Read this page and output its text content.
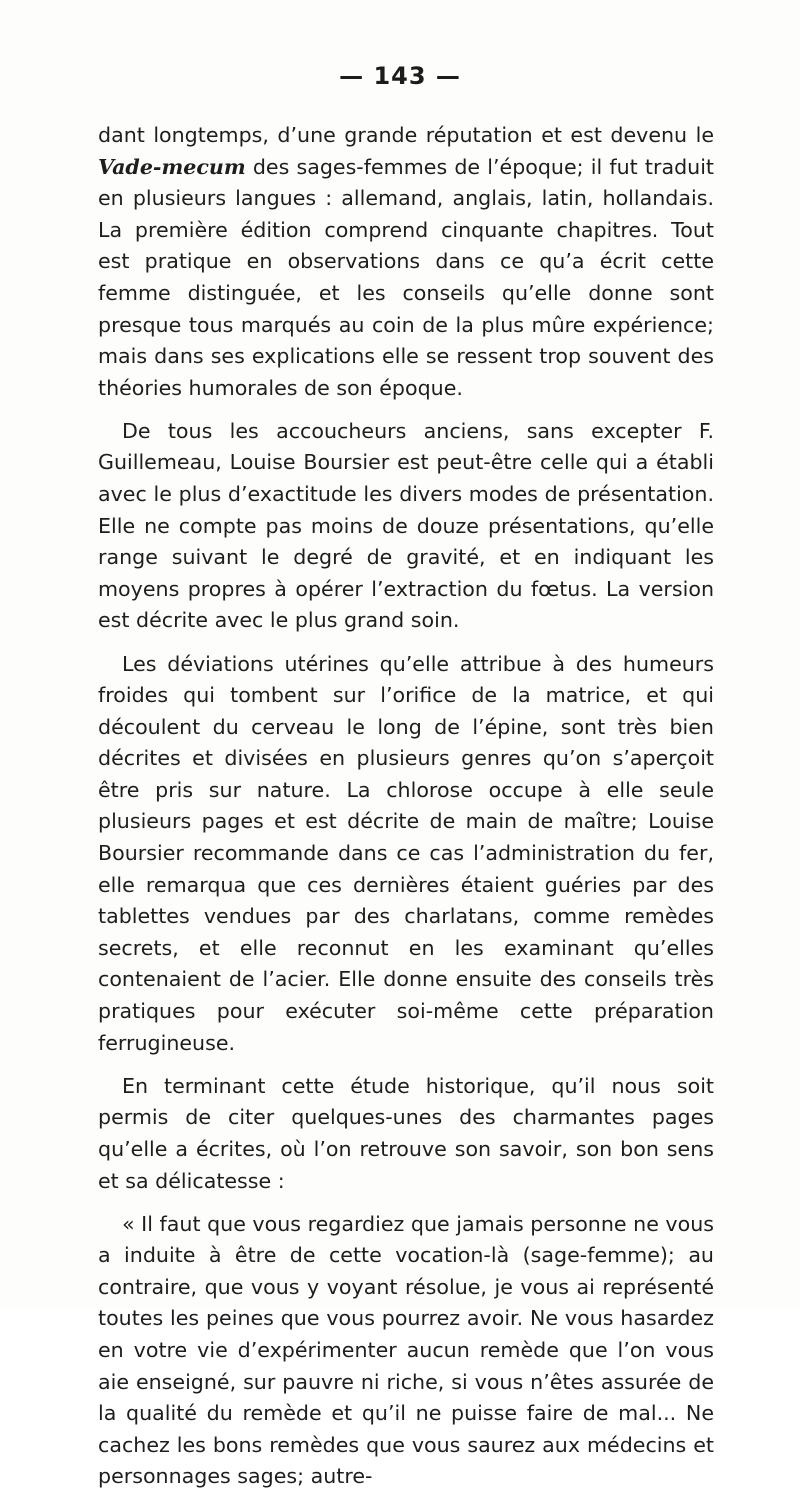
— 143 —

dant longtemps, d’une grande réputation et est devenu le Vade-mecum des sages-femmes de l’époque; il fut traduit en plusieurs langues : allemand, anglais, latin, hollandais. La première édition comprend cinquante chapitres. Tout est pratique en observations dans ce qu’a écrit cette femme distinguée, et les conseils qu’elle donne sont presque tous marqués au coin de la plus mûre expérience; mais dans ses explications elle se ressent trop souvent des théories humorales de son époque.

De tous les accoucheurs anciens, sans excepter F. Guillemeau, Louise Boursier est peut-être celle qui a établi avec le plus d’exactitude les divers modes de présentation. Elle ne compte pas moins de douze présentations, qu’elle range suivant le degré de gravité, et en indiquant les moyens propres à opérer l’extraction du fœtus. La version est décrite avec le plus grand soin.

Les déviations utérines qu’elle attribue à des humeurs froides qui tombent sur l’orifice de la matrice, et qui découlent du cerveau le long de l’épine, sont très bien décrites et divisées en plusieurs genres qu’on s’aperçoit être pris sur nature. La chlorose occupe à elle seule plusieurs pages et est décrite de main de maître; Louise Boursier recommande dans ce cas l’administration du fer, elle remarqua que ces dernières étaient guéries par des tablettes vendues par des charlatans, comme remèdes secrets, et elle reconnut en les examinant qu’elles contenaient de l’acier. Elle donne ensuite des conseils très pratiques pour exécuter soi-même cette préparation ferrugineuse.

En terminant cette étude historique, qu’il nous soit permis de citer quelques-unes des charmantes pages qu’elle a écrites, où l’on retrouve son savoir, son bon sens et sa délicatesse :

« Il faut que vous regardiez que jamais personne ne vous a induite à être de cette vocation-là (sage-femme); au contraire, que vous y voyant résolue, je vous ai représenté toutes les peines que vous pourrez avoir. Ne vous hasardez en votre vie d’expérimenter aucun remède que l’on vous aie enseigné, sur pauvre ni riche, si vous n’êtes assurée de la qualité du remède et qu’il ne puisse faire de mal... Ne cachez les bons remèdes que vous saurez aux médecins et personnages sages; autre-
